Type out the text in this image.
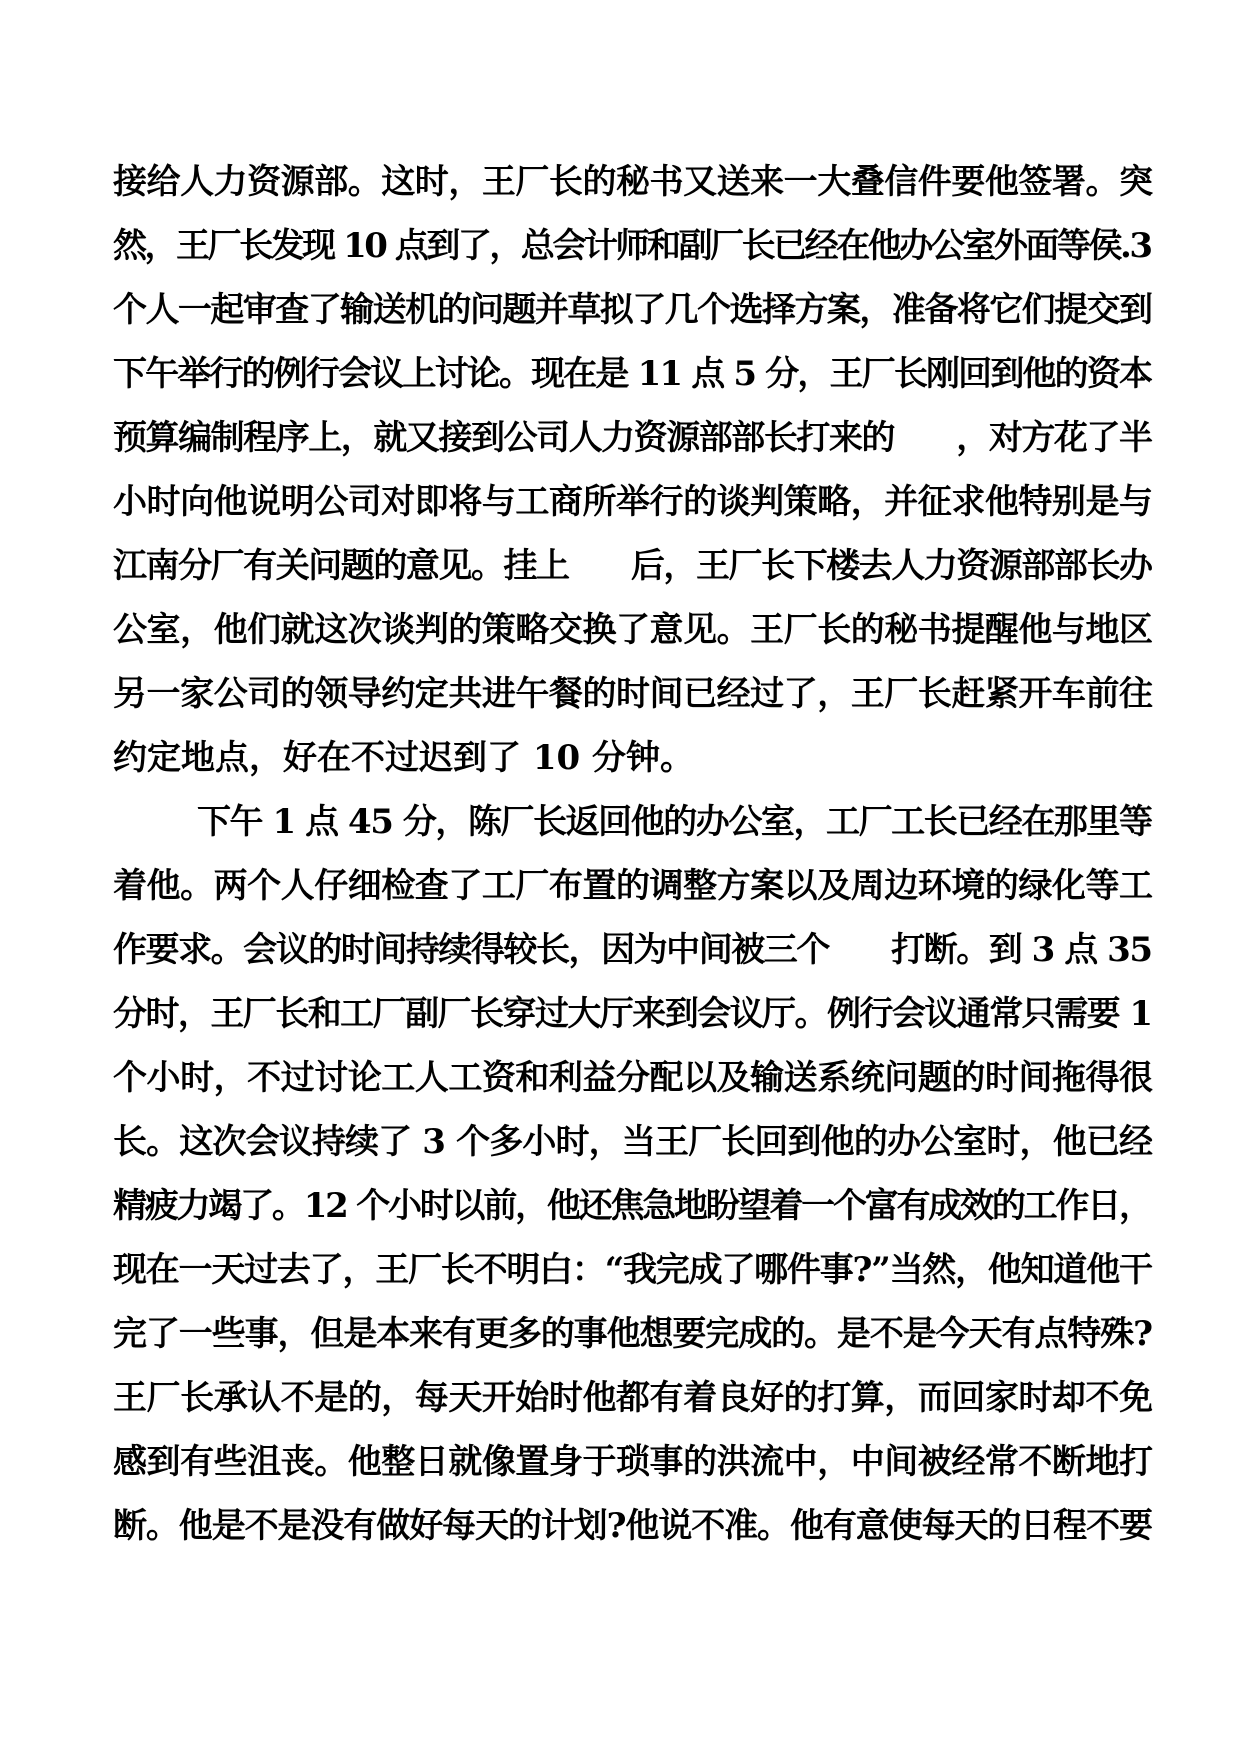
接给人力资源部。这时，王厂长的秘书又送来一大叠信件要他签署。突
然，王厂长发现 10 点到了，总会计师和副厂长已经在他办公室外面等侯.3
个人一起审查了输送机的问题并草拟了几个选择方案，准备将它们提交到
下午举行的例行会议上讨论。现在是 11 点 5 分，王厂长刚回到他的资本
预算编制程序上，就又接到公司人力资源部部长打来的      ，对方花了半
小时向他说明公司对即将与工商所举行的谈判策略，并征求他特别是与
江南分厂有关问题的意见。挂上      后，王厂长下楼去人力资源部部长办
公室，他们就这次谈判的策略交换了意见。王厂长的秘书提醒他与地区
另一家公司的领导约定共进午餐的时间已经过了，王厂长赶紧开车前往
约定地点，好在不过迟到了 10 分钟。
下午 1 点 45 分，陈厂长返回他的办公室，工厂工长已经在那里等
着他。两个人仔细检查了工厂布置的调整方案以及周边环境的绿化等工
作要求。会议的时间持续得较长，因为中间被三个      打断。到 3 点 35
分时，王厂长和工厂副厂长穿过大厅来到会议厅。例行会议通常只需要 1
个小时，不过讨论工人工资和利益分配以及输送系统问题的时间拖得很
长。这次会议持续了 3 个多小时，当王厂长回到他的办公室时，他已经
精疲力竭了。12 个小时以前，他还焦急地盼望着一个富有成效的工作日，
现在一天过去了，王厂长不明白：“我完成了哪件事?”当然，他知道他干
完了一些事，但是本来有更多的事他想要完成的。是不是今天有点特殊?
王厂长承认不是的，每天开始时他都有着良好的打算，而回家时却不免
感到有些沮丧。他整日就像置身于琐事的洪流中，中间被经常不断地打
断。他是不是没有做好每天的计划?他说不准。他有意使每天的日程不要
